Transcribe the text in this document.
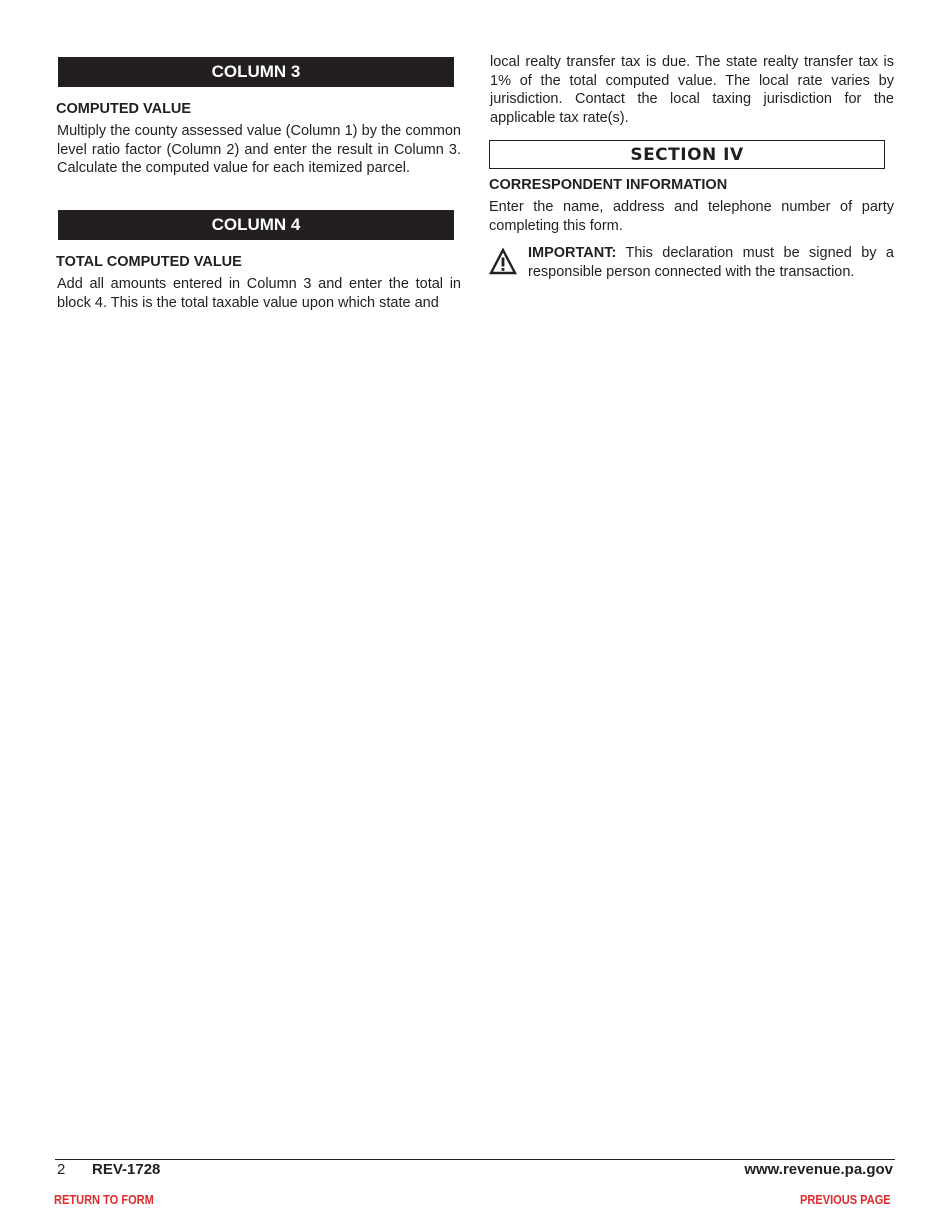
COLUMN 3
COMPUTED VALUE
Multiply the county assessed value (Column 1) by the common level ratio factor (Column 2) and enter the result in Column 3. Calculate the computed value for each itemized parcel.
COLUMN 4
TOTAL COMPUTED VALUE
Add all amounts entered in Column 3 and enter the total in block 4. This is the total taxable value upon which state and
local realty transfer tax is due. The state realty transfer tax is 1% of the total computed value. The local rate varies by jurisdiction. Contact the local taxing jurisdiction for the applicable tax rate(s).
SECTION IV
CORRESPONDENT INFORMATION
Enter the name, address and telephone number of party completing this form.
IMPORTANT: This declaration must be signed by a responsible person connected with the transaction.
2 REV-1728	www.revenue.pa.gov
RETURN TO FORM	PREVIOUS PAGE
